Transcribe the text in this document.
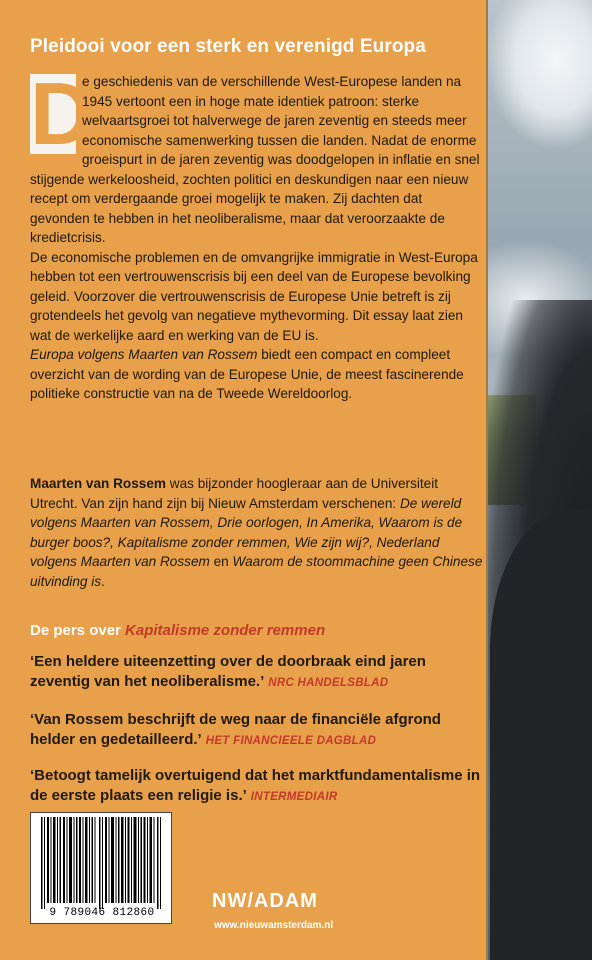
Pleidooi voor een sterk en verenigd Europa
D

e geschiedenis van de verschillende West-Europese landen na 1945 vertoont een in hoge mate identiek patroon: sterke welvaartsgroei tot halverwege de jaren zeventig en steeds meer economische samenwerking tussen die landen. Nadat de enorme groeispurt in de jaren zeventig was doodgelopen in inflatie en snel stijgende werkeloosheid, zochten politici en deskundigen naar een nieuw recept om verdergaande groei mogelijk te maken. Zij dachten dat gevonden te hebben in het neoliberalisme, maar dat veroorzaakte de kredietcrisis.

De economische problemen en de omvangrijke immigratie in West-Europa hebben tot een vertrouwenscrisis bij een deel van de Europese bevolking geleid. Voorzover die vertrouwenscrisis de Europese Unie betreft is zij grotendeels het gevolg van negatieve mythevorming. Dit essay laat zien wat de werkelijke aard en werking van de EU is.

Europa volgens Maarten van Rossem biedt een compact en compleet overzicht van de wording van de Europese Unie, de meest fascinerende politieke constructie van na de Tweede Wereldoorlog.

Maarten van Rossem was bijzonder hoogleraar aan de Universiteit Utrecht. Van zijn hand zijn bij Nieuw Amsterdam verschenen: De wereld volgens Maarten van Rossem, Drie oorlogen, In Amerika, Waarom is de burger boos?, Kapitalisme zonder remmen, Wie zijn wij?, Nederland volgens Maarten van Rossem en Waarom de stoommachine geen Chinese uitvinding is.
De pers over Kapitalisme zonder remmen
‘Een heldere uiteenzetting over de doorbraak eind jaren zeventig van het neoliberalisme.’ NRC HANDELSBLAD
‘Van Rossem beschrijft de weg naar de financiële afgrond helder en gedetailleerd.’ HET FINANCIEELE DAGBLAD
‘Betoogt tamelijk overtuigend dat het marktfundamentalisme in de eerste plaats een religie is.’ INTERMEDIAIR
9 789046 812860
NW/ADAM
www.nieuwamsterdam.nl
